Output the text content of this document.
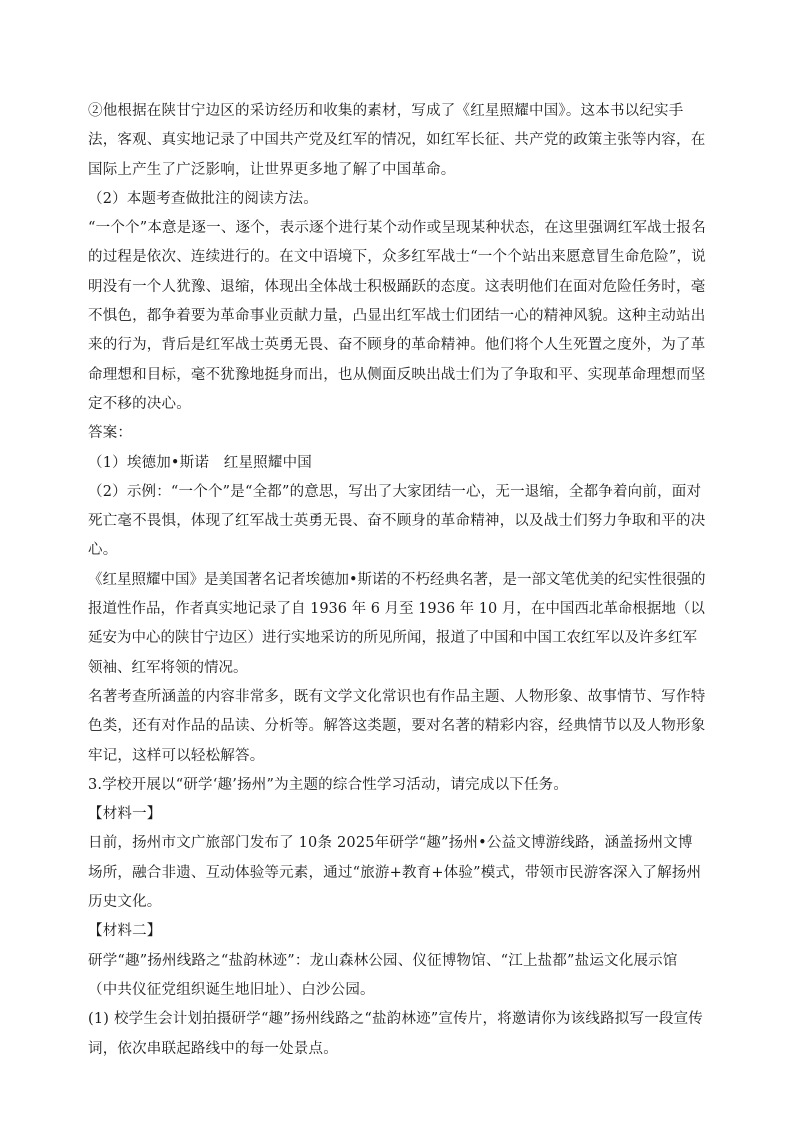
②他根据在陕甘宁边区的采访经历和收集的素材，写成了《红星照耀中国》。这本书以纪实手法，客观、真实地记录了中国共产党及红军的情况，如红军长征、共产党的政策主张等内容，在国际上产生了广泛影响，让世界更多地了解了中国革命。

（2）本题考查做批注的阅读方法。

“一个个”本意是逐一、逐个，表示逐个进行某个动作或呈现某种状态，在这里强调红军战士报名的过程是依次、连续进行的。在文中语境下，众多红军战士“一个个站出来愿意冒生命危险”，说明没有一个人犹豫、退缩，体现出全体战士积极踊跃的态度。这表明他们在面对危险任务时，毫不惧色，都争着要为革命事业贡献力量，凸显出红军战士们团结一心的精神风貌。这种主动站出来的行为，背后是红军战士英勇无畏、奋不顾身的革命精神。他们将个人生死置之度外，为了革命理想和目标，毫不犹豫地挺身而出，也从侧面反映出战士们为了争取和平、实现革命理想而坚定不移的决心。

答案：

（1）埃德加•斯诺　红星照耀中国

（2）示例：“一个个”是“全都”的意思，写出了大家团结一心，无一退缩，全都争着向前，面对死亡毫不畏惧，体现了红军战士英勇无畏、奋不顾身的革命精神，以及战士们努力争取和平的决心。

《红星照耀中国》是美国著名记者埃德加•斯诺的不朽经典名著，是一部文笔优美的纪实性很强的报道性作品，作者真实地记录了自 1936 年 6 月至 1936 年 10 月，在中国西北革命根据地（以延安为中心的陕甘宁边区）进行实地采访的所见所闻，报道了中国和中国工农红军以及许多红军领袖、红军将领的情况。

名著考查所涵盖的内容非常多，既有文学文化常识也有作品主题、人物形象、故事情节、写作特色类，还有对作品的品读、分析等。解答这类题，要对名著的精彩内容，经典情节以及人物形象牢记，这样可以轻松解答。

3.学校开展以“研学‘趣’扬州”为主题的综合性学习活动，请完成以下任务。

【材料一】

日前，扬州市文广旅部门发布了 10条 2025年研学“趣”扬州•公益文博游线路，涵盖扬州文博场所，融合非遗、互动体验等元素，通过“旅游+教育+体验”模式，带领市民游客深入了解扬州历史文化。

【材料二】

研学“趣”扬州线路之“盐韵林迹”：龙山森林公园、仪征博物馆、“江上盐都”盐运文化展示馆（中共仪征党组织诞生地旧址）、白沙公园。

(1) 校学生会计划拍摄研学“趣”扬州线路之“盐韵林迹”宣传片，将邀请你为该线路拟写一段宣传词，依次串联起路线中的每一处景点。
